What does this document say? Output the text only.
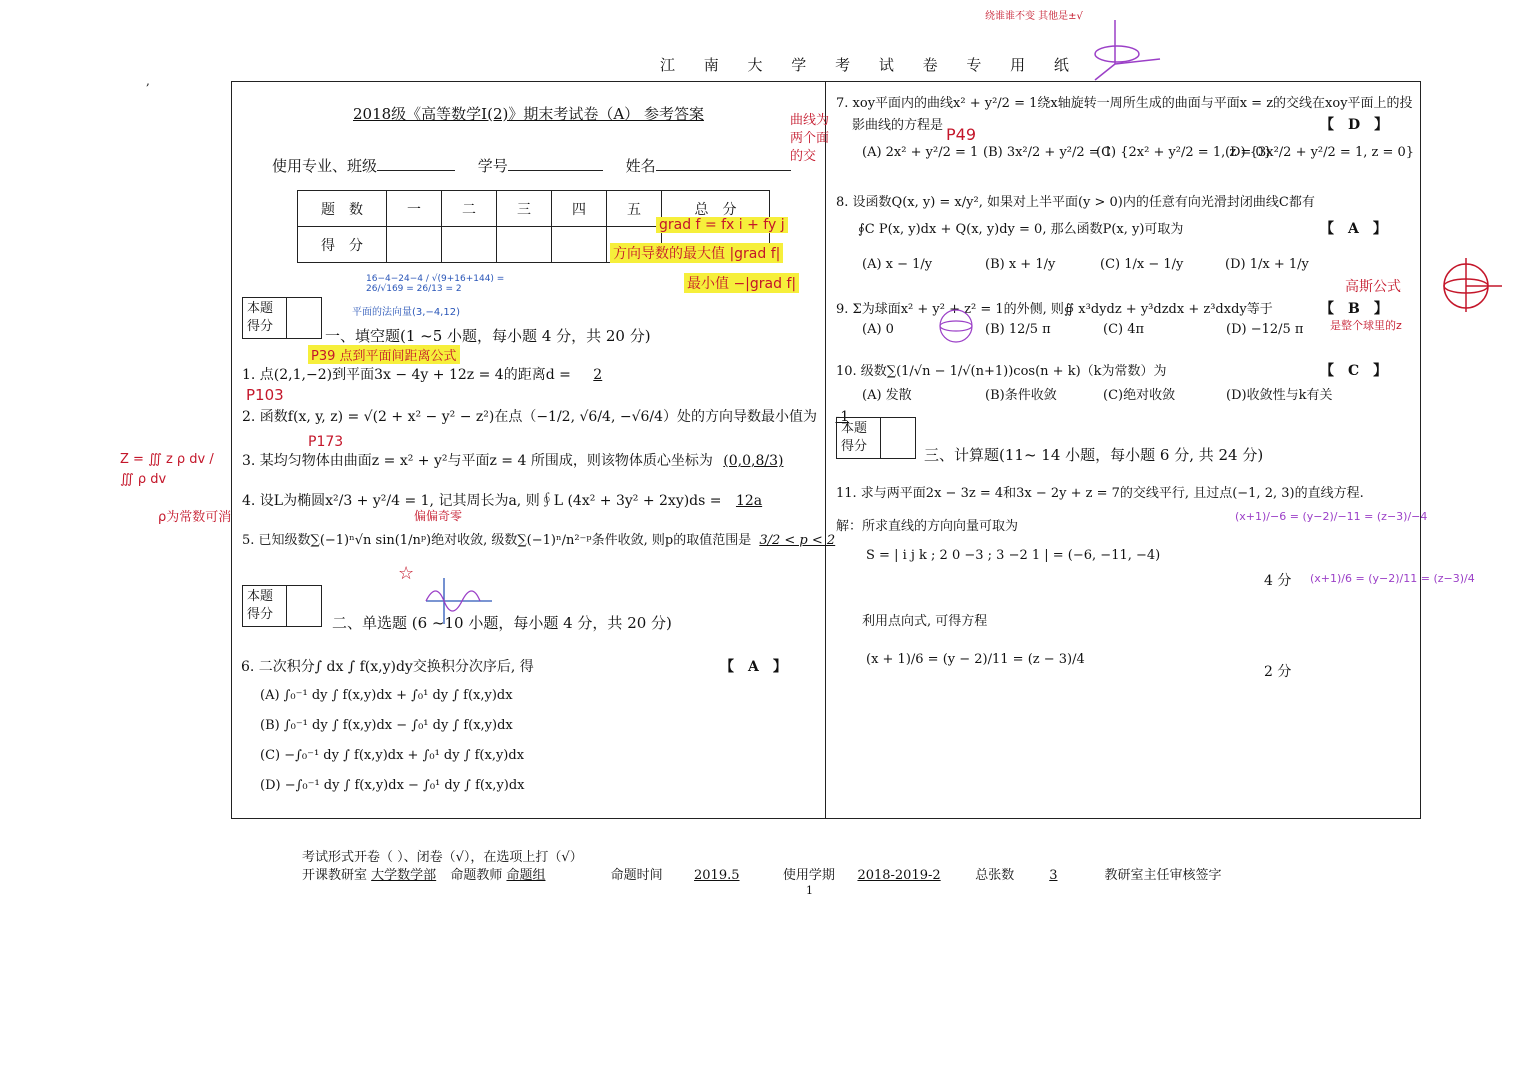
江 南 大 学 考 试 卷 专 用 纸
,
2018级《高等数学Ⅰ(2)》期末考试卷（A） 参考答案
使用专业、班级	学号	姓名
题　数	一	二	三	四	五	总　分
得　分						
本题
得分
一、填空题(1 ~5 小题，每小题 4 分，共 20 分)
1. 点(2,1,−2)到平面3x − 4y + 12z = 4的距离d = 2
2. 函数f(x, y, z) = √(2 + x² − y² − z²)在点（−1/2, √6/4, −√6/4）处的方向导数最小值为 -1
3. 某均匀物体由曲面z = x² + y²与平面z = 4 所围成，则该物体质心坐标为 (0,0,8/3)
4. 设L为椭圆x²/3 + y²/4 = 1, 记其周长为a, 则∮L (4x² + 3y² + 2xy)ds = 12a
5. 已知级数∑(−1)ⁿ√n sin(1/nᵖ)绝对收敛, 级数∑(−1)ⁿ/n²⁻ᵖ条件收敛, 则p的取值范围是 3/2 < p < 2
本题
得分	二、单选题 (6 ~10 小题，每小题 4 分，共 20 分)
6. 二次积分∫ dx ∫ f(x,y)dy交换积分次序后, 得	【　A　】
(A) ∫₀⁻¹ dy ∫ f(x,y)dx + ∫₀¹ dy ∫ f(x,y)dx
(B) ∫₀⁻¹ dy ∫ f(x,y)dx − ∫₀¹ dy ∫ f(x,y)dx
(C) −∫₀⁻¹ dy ∫ f(x,y)dx + ∫₀¹ dy ∫ f(x,y)dx
(D) −∫₀⁻¹ dy ∫ f(x,y)dx − ∫₀¹ dy ∫ f(x,y)dx
7. xoy平面内的曲线x² + y²/2 = 1绕x轴旋转一周所生成的曲面与平面x = z的交线在xoy平面上的投
影曲线的方程是	【　D　】
(A) 2x² + y²/2 = 1 (B) 3x²/2 + y²/2 = 1
(C) {2x² + y²/2 = 1, z = 0}
(D) {3x²/2 + y²/2 = 1, z = 0}
8. 设函数Q(x, y) = x/y², 如果对上半平面(y > 0)内的任意有向光滑封闭曲线C都有
∮C P(x, y)dx + Q(x, y)dy = 0, 那么函数P(x, y)可取为	【　A　】
(A) x − 1/y	(B) x + 1/y	(C) 1/x − 1/y	(D) 1/x + 1/y
9. Σ为球面x² + y² + z² = 1的外侧, 则∯ x³dydz + y³dzdx + z³dxdy等于	【　B　】
(A) 0	(B) 12/5 π	(C) 4π	(D) −12/5 π
10. 级数∑(1/√n − 1/√(n+1))cos(n + k)（k为常数）为	【　C　】
(A) 发散	(B)条件收敛	(C)绝对收敛	(D)收敛性与k有关
本题
得分	三、计算题(11~ 14 小题，每小题 6 分, 共 24 分)
11. 求与两平面2x − 3z = 4和3x − 2y + z = 7的交线平行, 且过点(−1, 2, 3)的直线方程.
解：所求直线的方向向量可取为
S = | i j k ; 2 0 −3 ; 3 −2 1 | = (−6, −11, −4)
4 分
利用点向式, 可得方程
(x + 1)/6 = (y − 2)/11 = (z − 3)/4
2 分
考试形式开卷（ ）、闭卷（√），在选项上打（√）
开课教研室 大学数学部 命题教师 命题组	命题时间 2019.5	使用学期 2018-2019-2	总张数	3	教研室主任审核签字
1
grad f = fx i + fy j
方向导数的最大值 |grad f|
最小值 −|grad f|
P39 点到平面间距离公式
P103
P173
Z = ∭ z ρ dv / ∭ ρ dv
ρ为常数可消	偏偏奇零
☆
P49
曲线为两个面的交
高斯公式
绕谁谁不变 其他是±√
是整个球里的z
平面的法向量(3,−4,12)
16−4−24−4 / √(9+16+144) = 26/√169 = 26/13 = 2
(x+1)/−6 = (y−2)/−11 = (z−3)/−4
(x+1)/6 = (y−2)/11 = (z−3)/4
